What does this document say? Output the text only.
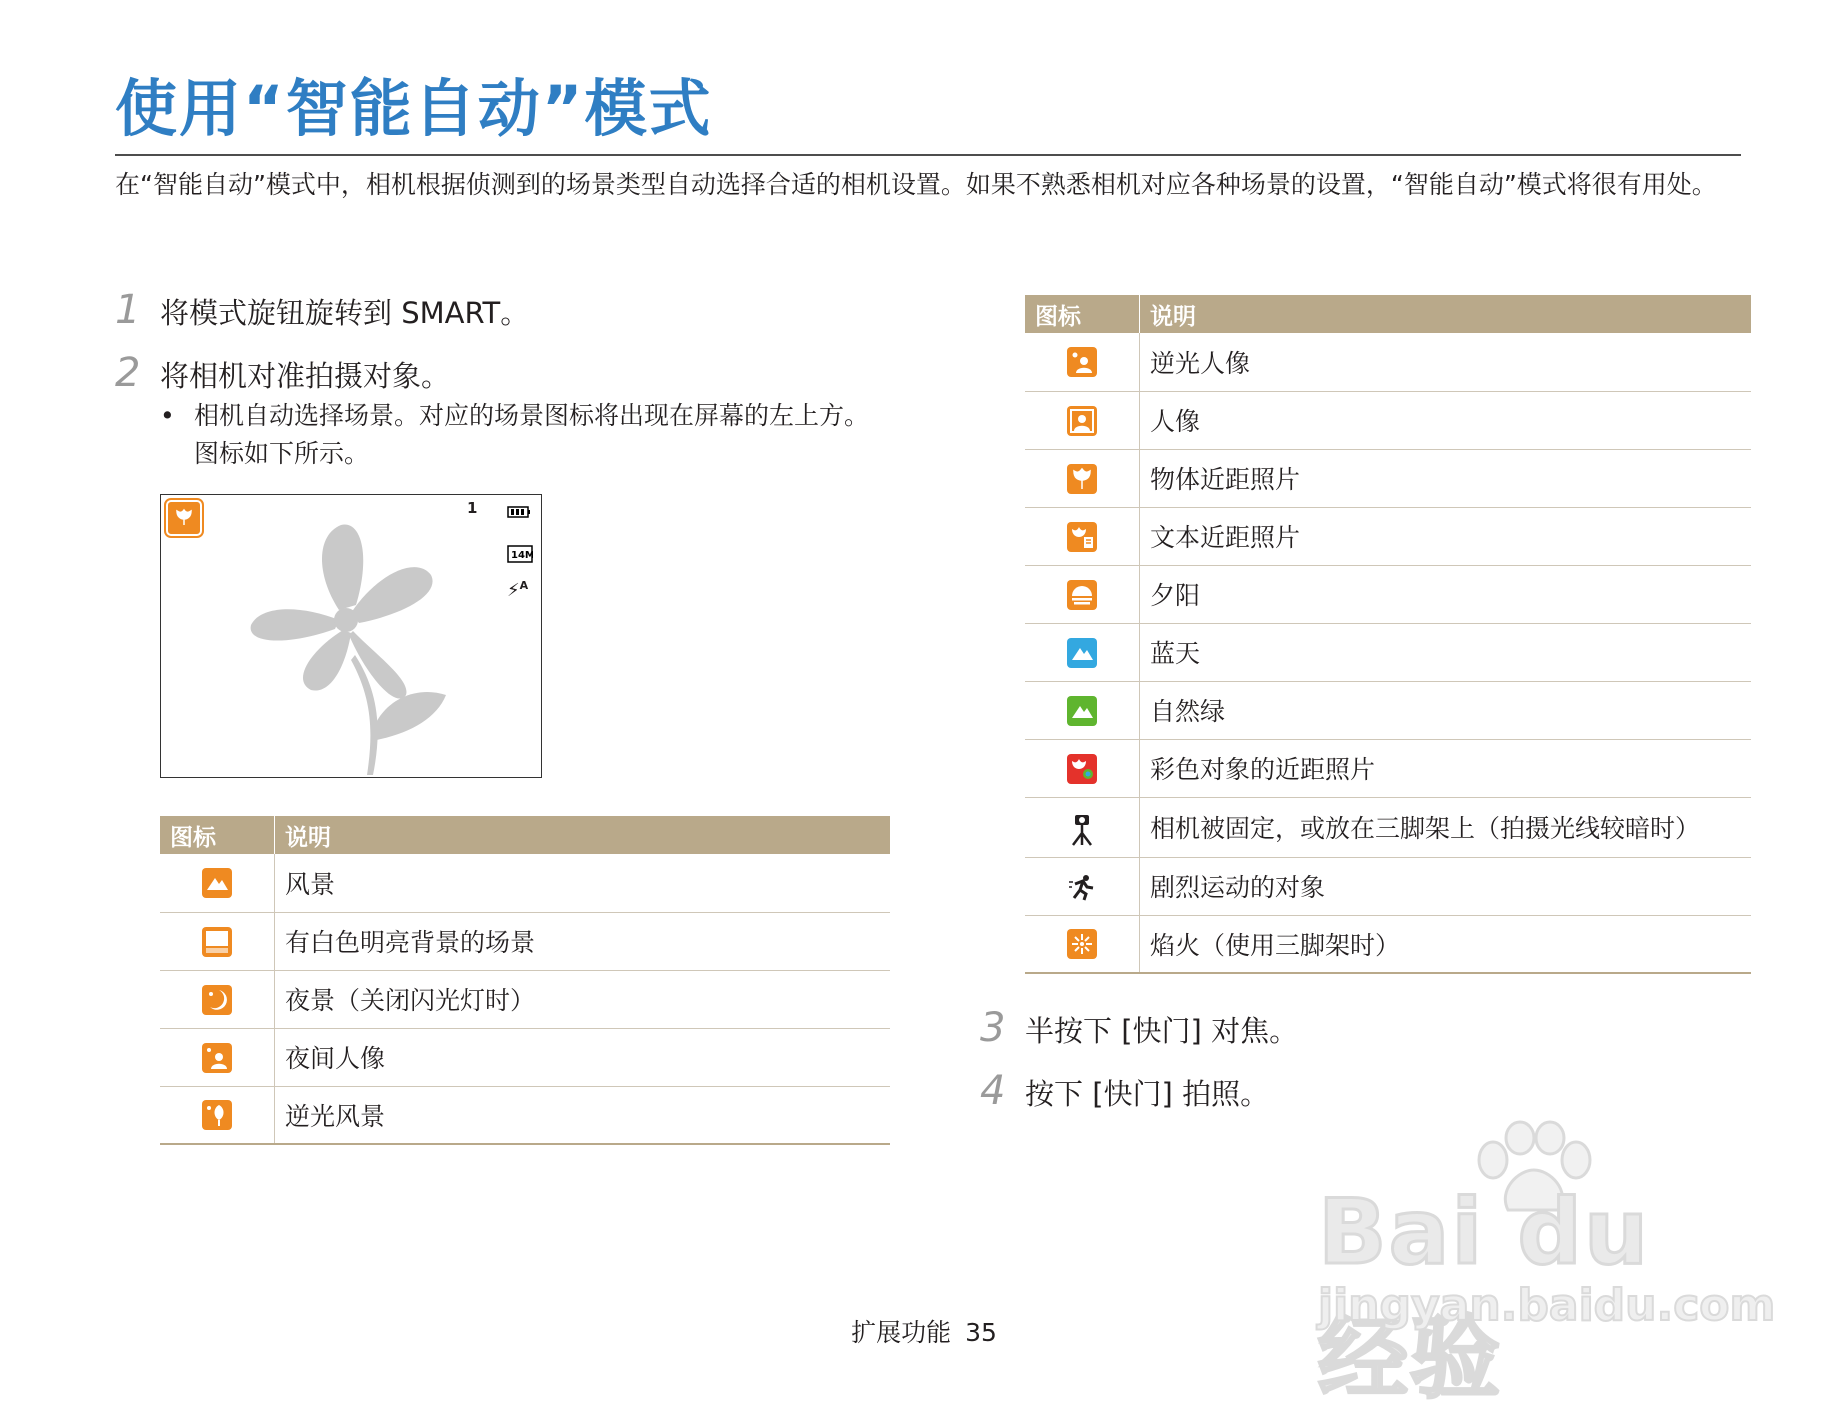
使用“智能自动”模式
在“智能自动”模式中，相机根据侦测到的场景类型自动选择合适的相机设置。如果不熟悉相机对应各种场景的设置，“智能自动”模式将很有用处。
1 将模式旋钮旋转到 SMART。
2 将相机对准拍摄对象。
• 相机自动选择场景。对应的场景图标将出现在屏幕的左上方。图标如下所示。
1
14M
⚡$^A$
图标	说明

	风景

	有白色明亮背景的场景

	夜景（关闭闪光灯时）

	夜间人像

	逆光风景
图标	说明

	逆光人像

	人像

	物体近距照片

	文本近距照片

	夕阳

	蓝天

	自然绿

	彩色对象的近距照片

	相机被固定，或放在三脚架上（拍摄光线较暗时）

	剧烈运动的对象

	焰火（使用三脚架时）
3 半按下 [快门] 对焦。
4 按下 [快门] 拍照。
Bai du 经验
jingyan.baidu.com
扩展功能 35
